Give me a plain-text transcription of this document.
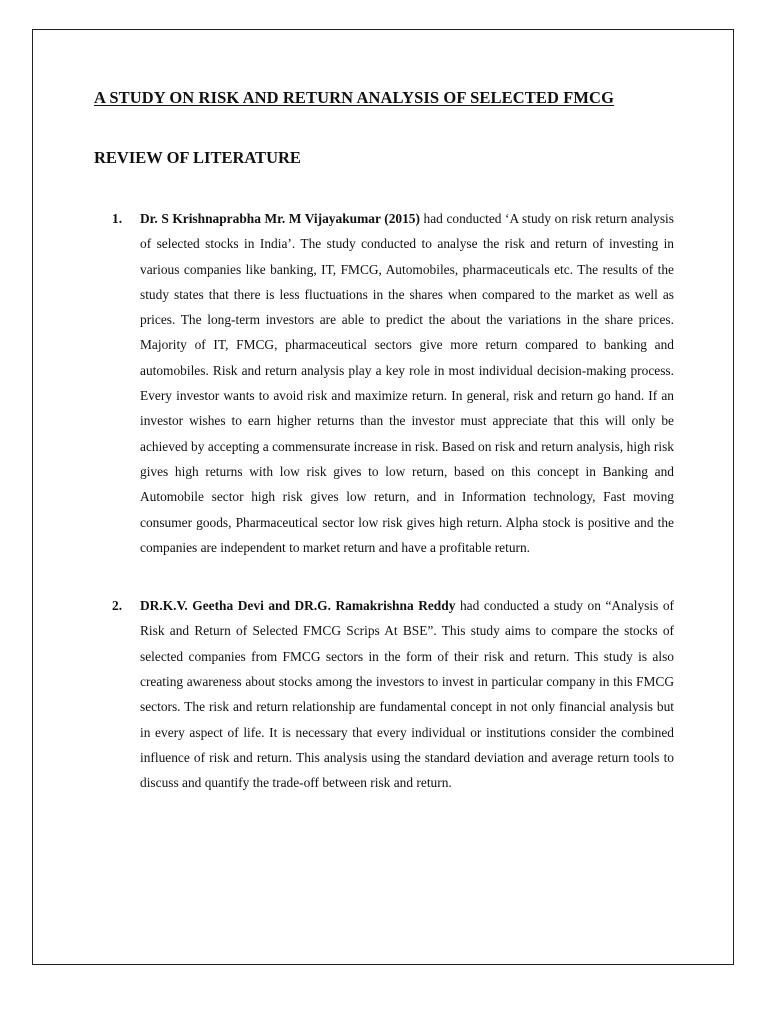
A STUDY ON RISK AND RETURN ANALYSIS OF SELECTED FMCG
REVIEW OF LITERATURE
1. Dr. S Krishnaprabha Mr. M Vijayakumar (2015) had conducted ‘A study on risk return analysis of selected stocks in India’. The study conducted to analyse the risk and return of investing in various companies like banking, IT, FMCG, Automobiles, pharmaceuticals etc. The results of the study states that there is less fluctuations in the shares when compared to the market as well as prices. The long-term investors are able to predict the about the variations in the share prices. Majority of IT, FMCG, pharmaceutical sectors give more return compared to banking and automobiles. Risk and return analysis play a key role in most individual decision-making process. Every investor wants to avoid risk and maximize return. In general, risk and return go hand. If an investor wishes to earn higher returns than the investor must appreciate that this will only be achieved by accepting a commensurate increase in risk. Based on risk and return analysis, high risk gives high returns with low risk gives to low return, based on this concept in Banking and Automobile sector high risk gives low return, and in Information technology, Fast moving consumer goods, Pharmaceutical sector low risk gives high return. Alpha stock is positive and the companies are independent to market return and have a profitable return.
2. DR.K.V. Geetha Devi and DR.G. Ramakrishna Reddy had conducted a study on “Analysis of Risk and Return of Selected FMCG Scrips At BSE”. This study aims to compare the stocks of selected companies from FMCG sectors in the form of their risk and return. This study is also creating awareness about stocks among the investors to invest in particular company in this FMCG sectors. The risk and return relationship are fundamental concept in not only financial analysis but in every aspect of life. It is necessary that every individual or institutions consider the combined influence of risk and return. This analysis using the standard deviation and average return tools to discuss and quantify the trade-off between risk and return.
